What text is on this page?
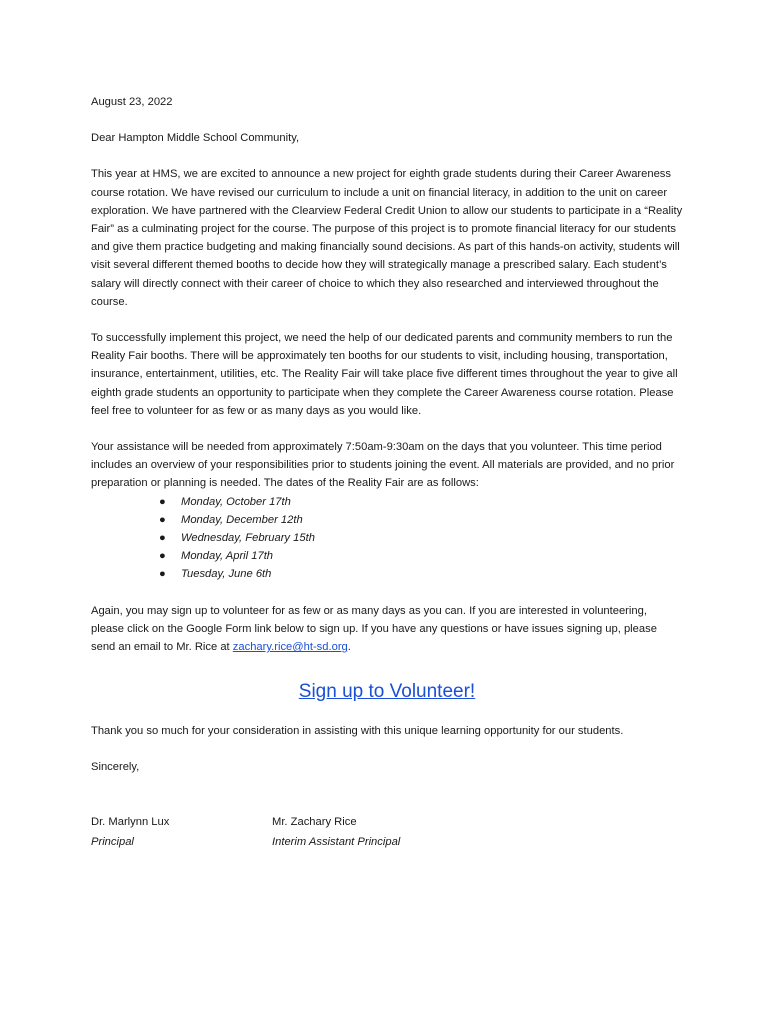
August 23, 2022

Dear Hampton Middle School Community,

This year at HMS, we are excited to announce a new project for eighth grade students during their Career Awareness course rotation. We have revised our curriculum to include a unit on financial literacy, in addition to the unit on career exploration. We have partnered with the Clearview Federal Credit Union to allow our students to participate in a “Reality Fair” as a culminating project for the course. The purpose of this project is to promote financial literacy for our students and give them practice budgeting and making financially sound decisions. As part of this hands-on activity, students will visit several different themed booths to decide how they will strategically manage a prescribed salary. Each student’s salary will directly connect with their career of choice to which they also researched and interviewed throughout the course.

To successfully implement this project, we need the help of our dedicated parents and community members to run the Reality Fair booths. There will be approximately ten booths for our students to visit, including housing, transportation, insurance, entertainment, utilities, etc. The Reality Fair will take place five different times throughout the year to give all eighth grade students an opportunity to participate when they complete the Career Awareness course rotation. Please feel free to volunteer for as few or as many days as you would like.

Your assistance will be needed from approximately 7:50am-9:30am on the days that you volunteer. This time period includes an overview of your responsibilities prior to students joining the event. All materials are provided, and no prior preparation or planning is needed. The dates of the Reality Fair are as follows:

● Monday, October 17th
● Monday, December 12th
● Wednesday, February 15th
● Monday, April 17th
● Tuesday, June 6th

Again, you may sign up to volunteer for as few or as many days as you can. If you are interested in volunteering, please click on the Google Form link below to sign up. If you have any questions or have issues signing up, please send an email to Mr. Rice at zachary.rice@ht-sd.org.

Sign up to Volunteer!

Thank you so much for your consideration in assisting with this unique learning opportunity for our students.

Sincerely,

Dr. Marlynn Lux
Principal
Mr. Zachary Rice
Interim Assistant Principal
